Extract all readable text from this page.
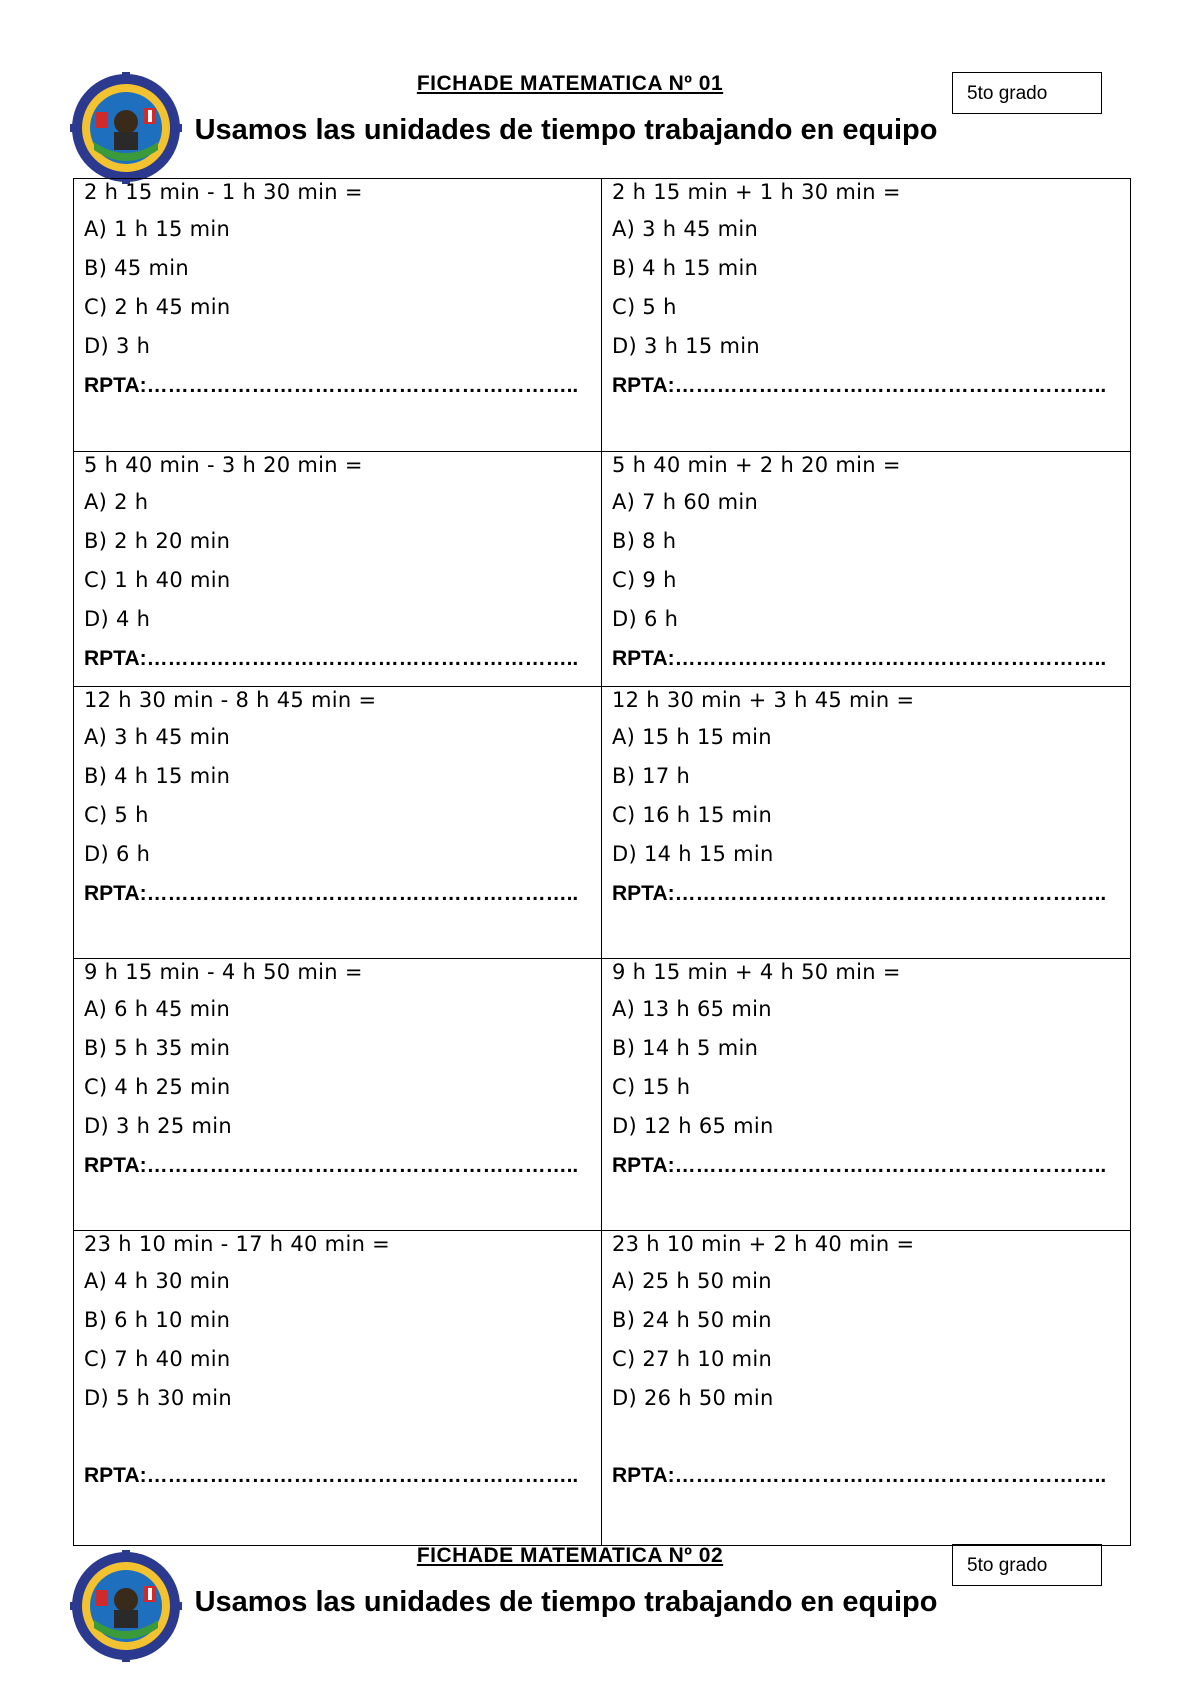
FICHADE MATEMATICA Nº 01	5to grado
Usamos las unidades de tiempo trabajando en equipo
2 h 15 min - 1 h 30 min =
A) 1 h 15 min
B) 45 min
C) 2 h 45 min
D) 3 h
RPTA:……………………………………………………..
2 h 15 min + 1 h 30 min =
A) 3 h 45 min
B) 4 h 15 min
C) 5 h
D) 3 h 15 min
RPTA:……………………………………………………..
5 h 40 min - 3 h 20 min =
A) 2 h
B) 2 h 20 min
C) 1 h 40 min
D) 4 h
RPTA:……………………………………………………..
5 h 40 min + 2 h 20 min =
A) 7 h 60 min
B) 8 h
C) 9 h
D) 6 h
RPTA:……………………………………………………..
12 h 30 min - 8 h 45 min =
A) 3 h 45 min
B) 4 h 15 min
C) 5 h
D) 6 h
RPTA:……………………………………………………..
12 h 30 min + 3 h 45 min =
A) 15 h 15 min
B) 17 h
C) 16 h 15 min
D) 14 h 15 min
RPTA:……………………………………………………..
9 h 15 min - 4 h 50 min =
A) 6 h 45 min
B) 5 h 35 min
C) 4 h 25 min
D) 3 h 25 min
RPTA:……………………………………………………..
9 h 15 min + 4 h 50 min =
A) 13 h 65 min
B) 14 h 5 min
C) 15 h
D) 12 h 65 min
RPTA:……………………………………………………..
23 h 10 min - 17 h 40 min =
A) 4 h 30 min
B) 6 h 10 min
C) 7 h 40 min
D) 5 h 30 min
RPTA:……………………………………………………..
23 h 10 min + 2 h 40 min =
A) 25 h 50 min
B) 24 h 50 min
C) 27 h 10 min
D) 26 h 50 min
RPTA:……………………………………………………..
FICHADE MATEMATICA Nº 02	5to grado
Usamos las unidades de tiempo trabajando en equipo
